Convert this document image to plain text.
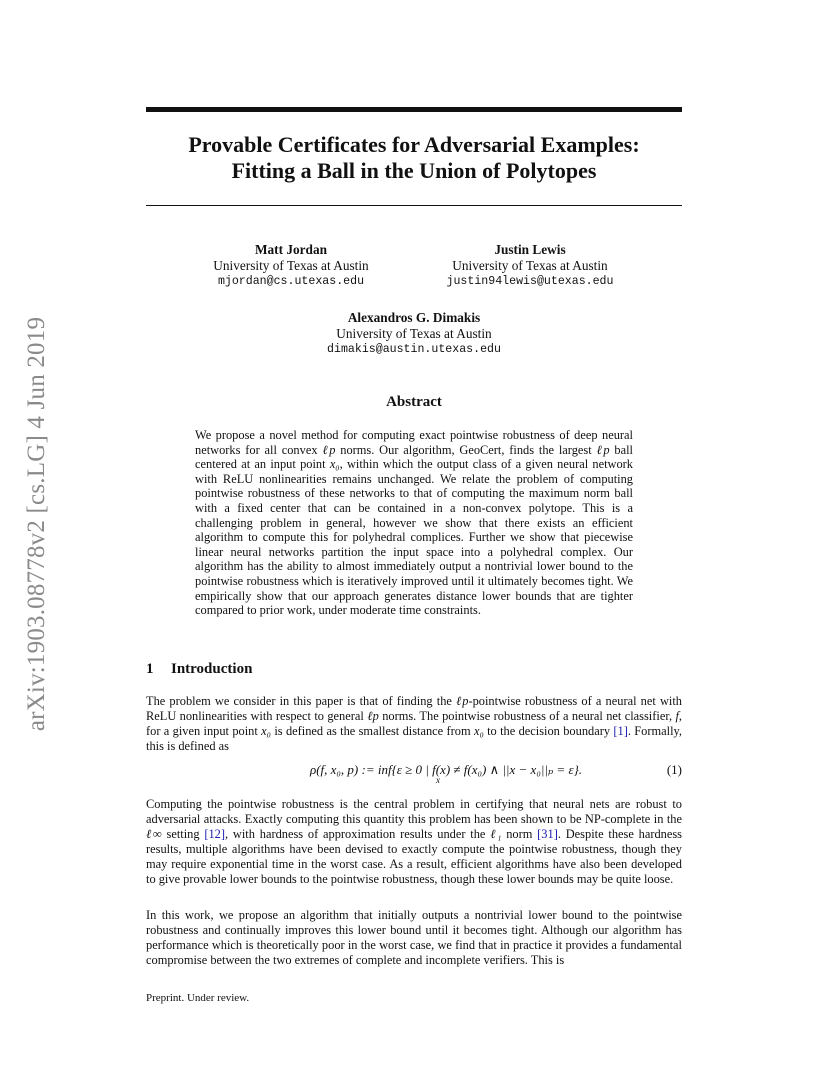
arXiv:1903.08778v2 [cs.LG] 4 Jun 2019
Provable Certificates for Adversarial Examples:
Fitting a Ball in the Union of Polytopes
Matt Jordan
University of Texas at Austin
mjordan@cs.utexas.edu
Justin Lewis
University of Texas at Austin
justin94lewis@utexas.edu
Alexandros G. Dimakis
University of Texas at Austin
dimakis@austin.utexas.edu
Abstract
We propose a novel method for computing exact pointwise robustness of deep neural networks for all convex ℓp norms. Our algorithm, GeoCert, finds the largest ℓp ball centered at an input point x₀, within which the output class of a given neural network with ReLU nonlinearities remains unchanged. We relate the problem of computing pointwise robustness of these networks to that of computing the maximum norm ball with a fixed center that can be contained in a non-convex polytope. This is a challenging problem in general, however we show that there exists an efficient algorithm to compute this for polyhedral complices. Further we show that piecewise linear neural networks partition the input space into a polyhedral complex. Our algorithm has the ability to almost immediately output a nontrivial lower bound to the pointwise robustness which is iteratively improved until it ultimately becomes tight. We empirically show that our approach generates distance lower bounds that are tighter compared to prior work, under moderate time constraints.
1 Introduction

The problem we consider in this paper is that of finding the ℓp-pointwise robustness of a neural net with ReLU nonlinearities with respect to general ℓp norms. The pointwise robustness of a neural net classifier, f, for a given input point x₀ is defined as the smallest distance from x₀ to the decision boundary [1]. Formally, this is defined as

ρ(f, x₀, p) := inf{ε ≥ 0 | f(x) ≠ f(x₀) ∧ ||x − x₀||ₚ = ε}.
x
(1)

Computing the pointwise robustness is the central problem in certifying that neural nets are robust to adversarial attacks. Exactly computing this quantity this problem has been shown to be NP-complete in the ℓ∞ setting [12], with hardness of approximation results under the ℓ₁ norm [31]. Despite these hardness results, multiple algorithms have been devised to exactly compute the pointwise robustness, though they may require exponential time in the worst case. As a result, efficient algorithms have also been developed to give provable lower bounds to the pointwise robustness, though these lower bounds may be quite loose.

In this work, we propose an algorithm that initially outputs a nontrivial lower bound to the pointwise robustness and continually improves this lower bound until it becomes tight. Although our algorithm has performance which is theoretically poor in the worst case, we find that in practice it provides a fundamental compromise between the two extremes of complete and incomplete verifiers. This is

Preprint. Under review.
